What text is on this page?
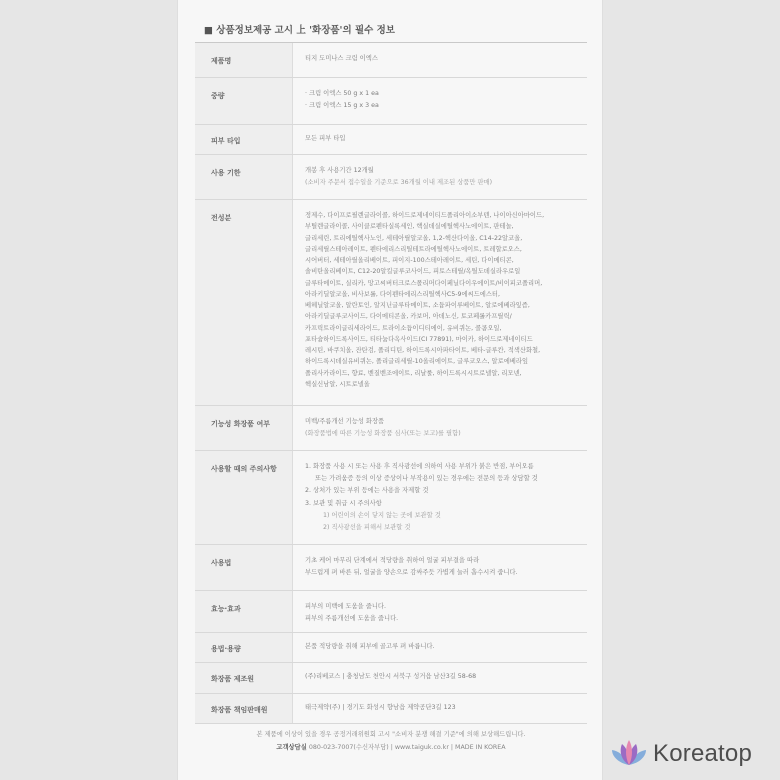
■ 상품정보제공 고시 上 '화장품'의 필수 정보
제품명	티지 도미나스 크림 이엑스
중량	· 크림 이엑스 50 g x 1 ea
· 크림 이엑스 15 g x 3 ea
피부 타입	모든 피부 타입
사용 기한	개봉 후 사용기간 12개월
(소비자 주문서 접수일을 기준으로 36개월 이내 제조된 상품만 판매)
전성분	정제수, 다이프로필렌글라이콜, 하이드로제네이티드폴리아이소부텐, 나이아신아마이드,
부틸렌글라이콜, 사이클로펜타실록세인, 핵실데실에틸헥사노에이트, 판테놀,
글리세린, 트리에틸헥사노인, 세테아릴알코올, 1,2-헥산다이올, C14-22알코올,
글리세릴스테아레이트, 펜타에리스리틸테트라에틸헥사노에이트, 트레할로오스,
시어버터, 세테아릴올리베이트, 피이지-100스테아레이트, 세틴, 다이메티콘,
솔비탄올리베이트, C12-20알킬글루코사이드, 피토스테릴/옥틸도데실라우로일
글루타메이트, 실리카, 망고씨버터크로스폴리머다이페닐다이우에이트/비이피코폴리머,
아라키딜알코올, 비사보롤, 다이펜타에리스리틸헥사C5-9에씨드에스터,
베헤닐알코올, 알란토인, 알지닌글루타메이트, 소듐파이루베이트, 알로에베라잎즙,
아라키딜글루코사이드, 다이메티콘올, 카보머, 아데노신, 토코페롤카프릴릭/
카프릭트라이글리세라이드, 트라이소듐이디티에이, 유비퀴논, 콜콤오일,
포타슘하이드록사이드, 티타늄다옥사이드(CI 77891), 마이카, 하이드로제네이티드
레시틴, 바쿠치올, 잔탄검, 폴리디틴, 하이드록시아파타이트, 베타-글루칸, 적색산화철,
하이드록시데실유비퀴논, 폴리글리세릴-10올리에이트, 글루코오스, 알로에베라잎
폴리사카라이드, 향료, 벤질벤조에이트, 리날룰, 하이드록시시트로넬알, 리모넨,
헥실신남알, 시트로넬올
기능성 화장품 여부	미백/주름개선 기능성 화장품
(화장품법에 따른 기능성 화장품 심사(또는 보고)를 필함)
사용할 때의 주의사항	1. 화장품 사용 시 또는 사용 후 직사광선에 의하여 사용 부위가 붉은 반점, 부어오름
또는 가려움증 등의 이상 증상이나 부작용이 있는 경우에는 전문의 등과 상담할 것
2. 상처가 있는 부위 등에는 사용을 자제할 것
3. 보관 및 취급 시 주의사항
1) 어린이의 손이 닿지 않는 곳에 보관할 것
2) 직사광선을 피해서 보관할 것
사용법	기초 케어 마무리 단계에서 적당량을 취하여 얼굴 피부결을 따라
부드럽게 펴 바른 뒤, 얼굴을 양손으로 감싸주듯 가볍게 눌러 흡수시켜 줍니다.
효능·효과	피부의 미백에 도움을 줍니다.
피부의 주름개선에 도움을 줍니다.
용법·용량	본품 적당량을 취해 피부에 골고루 펴 바릅니다.
화장품 제조원	(주)리베코스 | 충청남도 천안시 서북구 성거읍 남산3길 58-68
화장품 책임판매원	태극제약(주) | 경기도 화성시 향남읍 제약공단3길 123
본 제품에 이상이 있을 경우 공정거래위원회 고시 "소비자 분쟁 해결 기준"에 의해 보상해드립니다.
고객상담실 080-023-7007(수신자부담) | www.taiguk.co.kr | MADE IN KOREA	Koreatop
